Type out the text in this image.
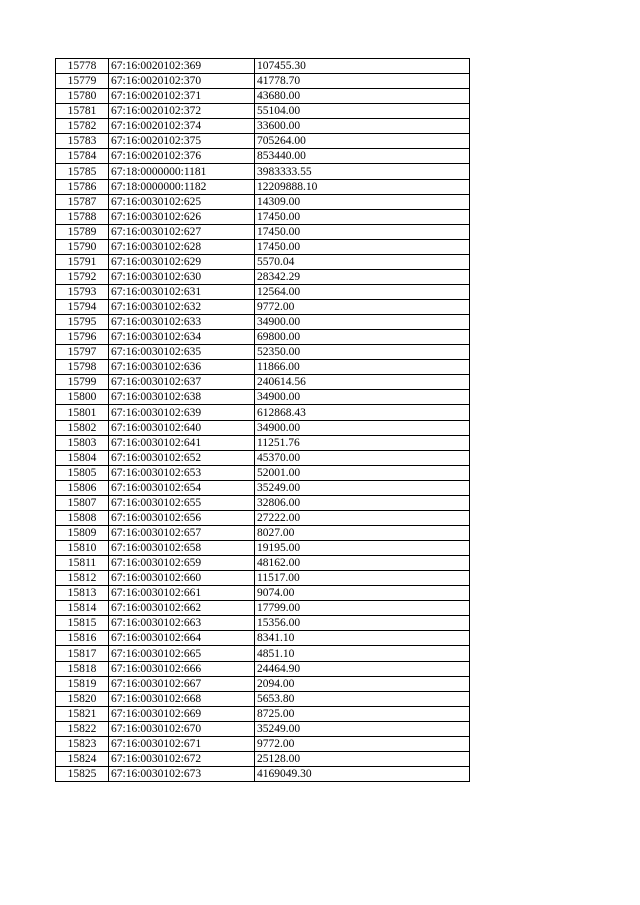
15778	67:16:0020102:369	107455.30
15779	67:16:0020102:370	41778.70
15780	67:16:0020102:371	43680.00
15781	67:16:0020102:372	55104.00
15782	67:16:0020102:374	33600.00
15783	67:16:0020102:375	705264.00
15784	67:16:0020102:376	853440.00
15785	67:18:0000000:1181	3983333.55
15786	67:18:0000000:1182	12209888.10
15787	67:16:0030102:625	14309.00
15788	67:16:0030102:626	17450.00
15789	67:16:0030102:627	17450.00
15790	67:16:0030102:628	17450.00
15791	67:16:0030102:629	5570.04
15792	67:16:0030102:630	28342.29
15793	67:16:0030102:631	12564.00
15794	67:16:0030102:632	9772.00
15795	67:16:0030102:633	34900.00
15796	67:16:0030102:634	69800.00
15797	67:16:0030102:635	52350.00
15798	67:16:0030102:636	11866.00
15799	67:16:0030102:637	240614.56
15800	67:16:0030102:638	34900.00
15801	67:16:0030102:639	612868.43
15802	67:16:0030102:640	34900.00
15803	67:16:0030102:641	11251.76
15804	67:16:0030102:652	45370.00
15805	67:16:0030102:653	52001.00
15806	67:16:0030102:654	35249.00
15807	67:16:0030102:655	32806.00
15808	67:16:0030102:656	27222.00
15809	67:16:0030102:657	8027.00
15810	67:16:0030102:658	19195.00
15811	67:16:0030102:659	48162.00
15812	67:16:0030102:660	11517.00
15813	67:16:0030102:661	9074.00
15814	67:16:0030102:662	17799.00
15815	67:16:0030102:663	15356.00
15816	67:16:0030102:664	8341.10
15817	67:16:0030102:665	4851.10
15818	67:16:0030102:666	24464.90
15819	67:16:0030102:667	2094.00
15820	67:16:0030102:668	5653.80
15821	67:16:0030102:669	8725.00
15822	67:16:0030102:670	35249.00
15823	67:16:0030102:671	9772.00
15824	67:16:0030102:672	25128.00
15825	67:16:0030102:673	4169049.30
